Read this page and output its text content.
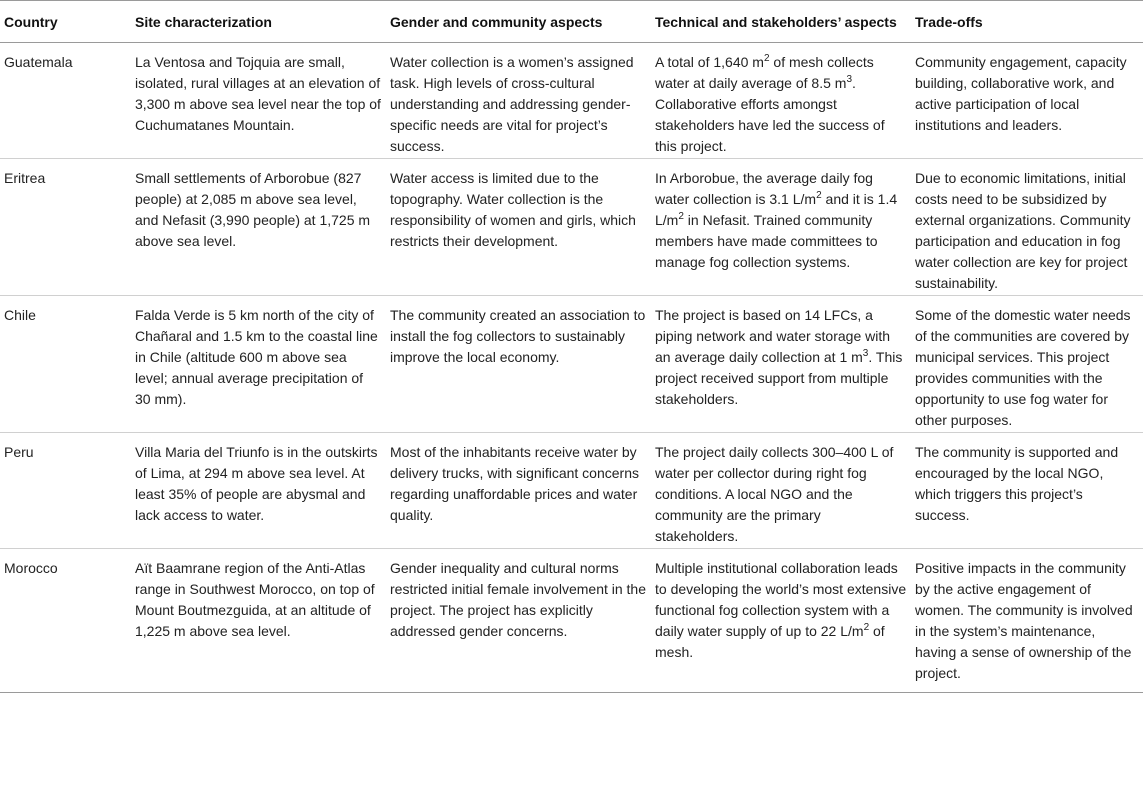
Country	Site characterization	Gender and community aspects	Technical and stakeholders’ aspects	Trade-offs
Guatemala	La Ventosa and Tojquia are small, isolated, rural villages at an elevation of 3,300 m above sea level near the top of Cuchumatanes Mountain.	Water collection is a women’s assigned task. High levels of cross-cultural understanding and addressing gender-specific needs are vital for project’s success.	A total of 1,640 $m^2$ of mesh collects water at daily average of 8.5 $m^3$. Collaborative efforts amongst stakeholders have led the success of this project.	Community engagement, capacity building, collaborative work, and active participation of local institutions and leaders.
Eritrea	Small settlements of Arborobue (827 people) at 2,085 m above sea level, and Nefasit (3,990 people) at 1,725 m above sea level.	Water access is limited due to the topography. Water collection is the responsibility of women and girls, which restricts their development.	In Arborobue, the average daily fog water collection is 3.1 $L/m^2$ and it is 1.4 $L/m^2$ in Nefasit. Trained community members have made committees to manage fog collection systems.	Due to economic limitations, initial costs need to be subsidized by external organizations. Community participation and education in fog water collection are key for project sustainability.
Chile	Falda Verde is 5 km north of the city of Chañaral and 1.5 km to the coastal line in Chile (altitude 600 m above sea level; annual average precipitation of 30 mm).	The community created an association to install the fog collectors to sustainably improve the local economy.	The project is based on 14 LFCs, a piping network and water storage with an average daily collection at 1 $m^3$. This project received support from multiple stakeholders.	Some of the domestic water needs of the communities are covered by municipal services. This project provides communities with the opportunity to use fog water for other purposes.
Peru	Villa Maria del Triunfo is in the outskirts of Lima, at 294 m above sea level. At least 35% of people are abysmal and lack access to water.	Most of the inhabitants receive water by delivery trucks, with significant concerns regarding unaffordable prices and water quality.	The project daily collects 300–400 L of water per collector during right fog conditions. A local NGO and the community are the primary stakeholders.	The community is supported and encouraged by the local NGO, which triggers this project’s success.
Morocco	Aït Baamrane region of the Anti-Atlas range in Southwest Morocco, on top of Mount Boutmezguida, at an altitude of 1,225 m above sea level.	Gender inequality and cultural norms restricted initial female involvement in the project. The project has explicitly addressed gender concerns.	Multiple institutional collaboration leads to developing the world’s most extensive functional fog collection system with a daily water supply of up to 22 $L/m^2$ of mesh.	Positive impacts in the community by the active engagement of women. The community is involved in the system’s maintenance, having a sense of ownership of the project.
